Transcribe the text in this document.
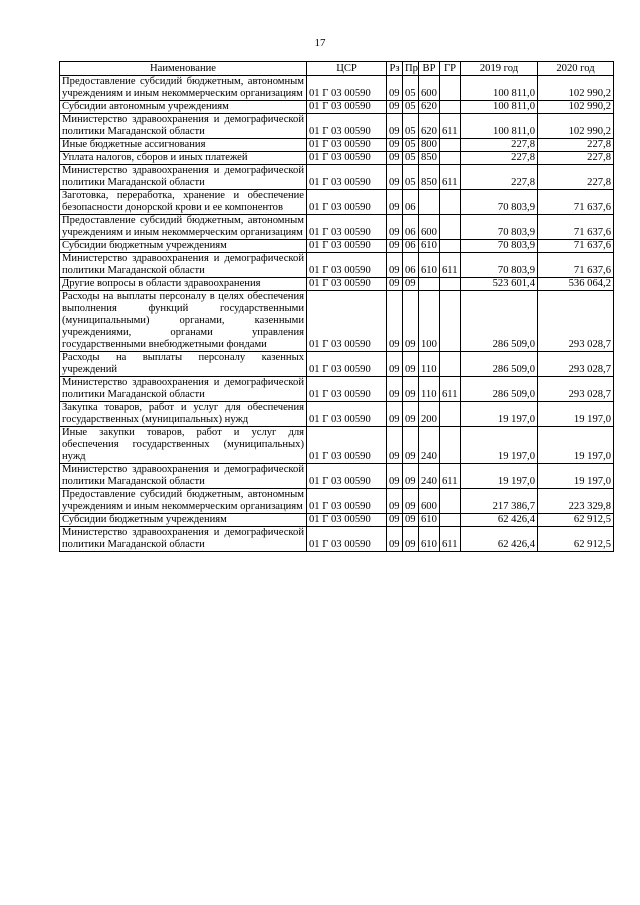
17
Наименование	ЦСР	Рз	Пр	ВР	ГР	2019 год	2020 год
Предоставление субсидий бюджетным, автономным учреждениям и иным некоммерческим организациям	01 Г 03 00590	09	05	600		100 811,0	102 990,2
Субсидии автономным учреждениям	01 Г 03 00590	09	05	620		100 811,0	102 990,2
Министерство здравоохранения и демографической политики Магаданской области	01 Г 03 00590	09	05	620	611	100 811,0	102 990,2
Иные бюджетные ассигнования	01 Г 03 00590	09	05	800		227,8	227,8
Уплата налогов, сборов и иных платежей	01 Г 03 00590	09	05	850		227,8	227,8
Министерство здравоохранения и демографической политики Магаданской области	01 Г 03 00590	09	05	850	611	227,8	227,8
Заготовка, переработка, хранение и обеспечение безопасности донорской крови и ее компонентов	01 Г 03 00590	09	06			70 803,9	71 637,6
Предоставление субсидий бюджетным, автономным учреждениям и иным некоммерческим организациям	01 Г 03 00590	09	06	600		70 803,9	71 637,6
Субсидии бюджетным учреждениям	01 Г 03 00590	09	06	610		70 803,9	71 637,6
Министерство здравоохранения и демографической политики Магаданской области	01 Г 03 00590	09	06	610	611	70 803,9	71 637,6
Другие вопросы в области здравоохранения	01 Г 03 00590	09	09			523 601,4	536 064,2
Расходы на выплаты персоналу в целях обеспечения выполнения функций государственными (муниципальными) органами, казенными учреждениями, органами управления государственными внебюджетными фондами	01 Г 03 00590	09	09	100		286 509,0	293 028,7
Расходы на выплаты персоналу казенных учреждений	01 Г 03 00590	09	09	110		286 509,0	293 028,7
Министерство здравоохранения и демографической политики Магаданской области	01 Г 03 00590	09	09	110	611	286 509,0	293 028,7
Закупка товаров, работ и услуг для обеспечения государственных (муниципальных) нужд	01 Г 03 00590	09	09	200		19 197,0	19 197,0
Иные закупки товаров, работ и услуг для обеспечения государственных (муниципальных) нужд	01 Г 03 00590	09	09	240		19 197,0	19 197,0
Министерство здравоохранения и демографической политики Магаданской области	01 Г 03 00590	09	09	240	611	19 197,0	19 197,0
Предоставление субсидий бюджетным, автономным учреждениям и иным некоммерческим организациям	01 Г 03 00590	09	09	600		217 386,7	223 329,8
Субсидии бюджетным учреждениям	01 Г 03 00590	09	09	610		62 426,4	62 912,5
Министерство здравоохранения и демографической политики Магаданской области	01 Г 03 00590	09	09	610	611	62 426,4	62 912,5
